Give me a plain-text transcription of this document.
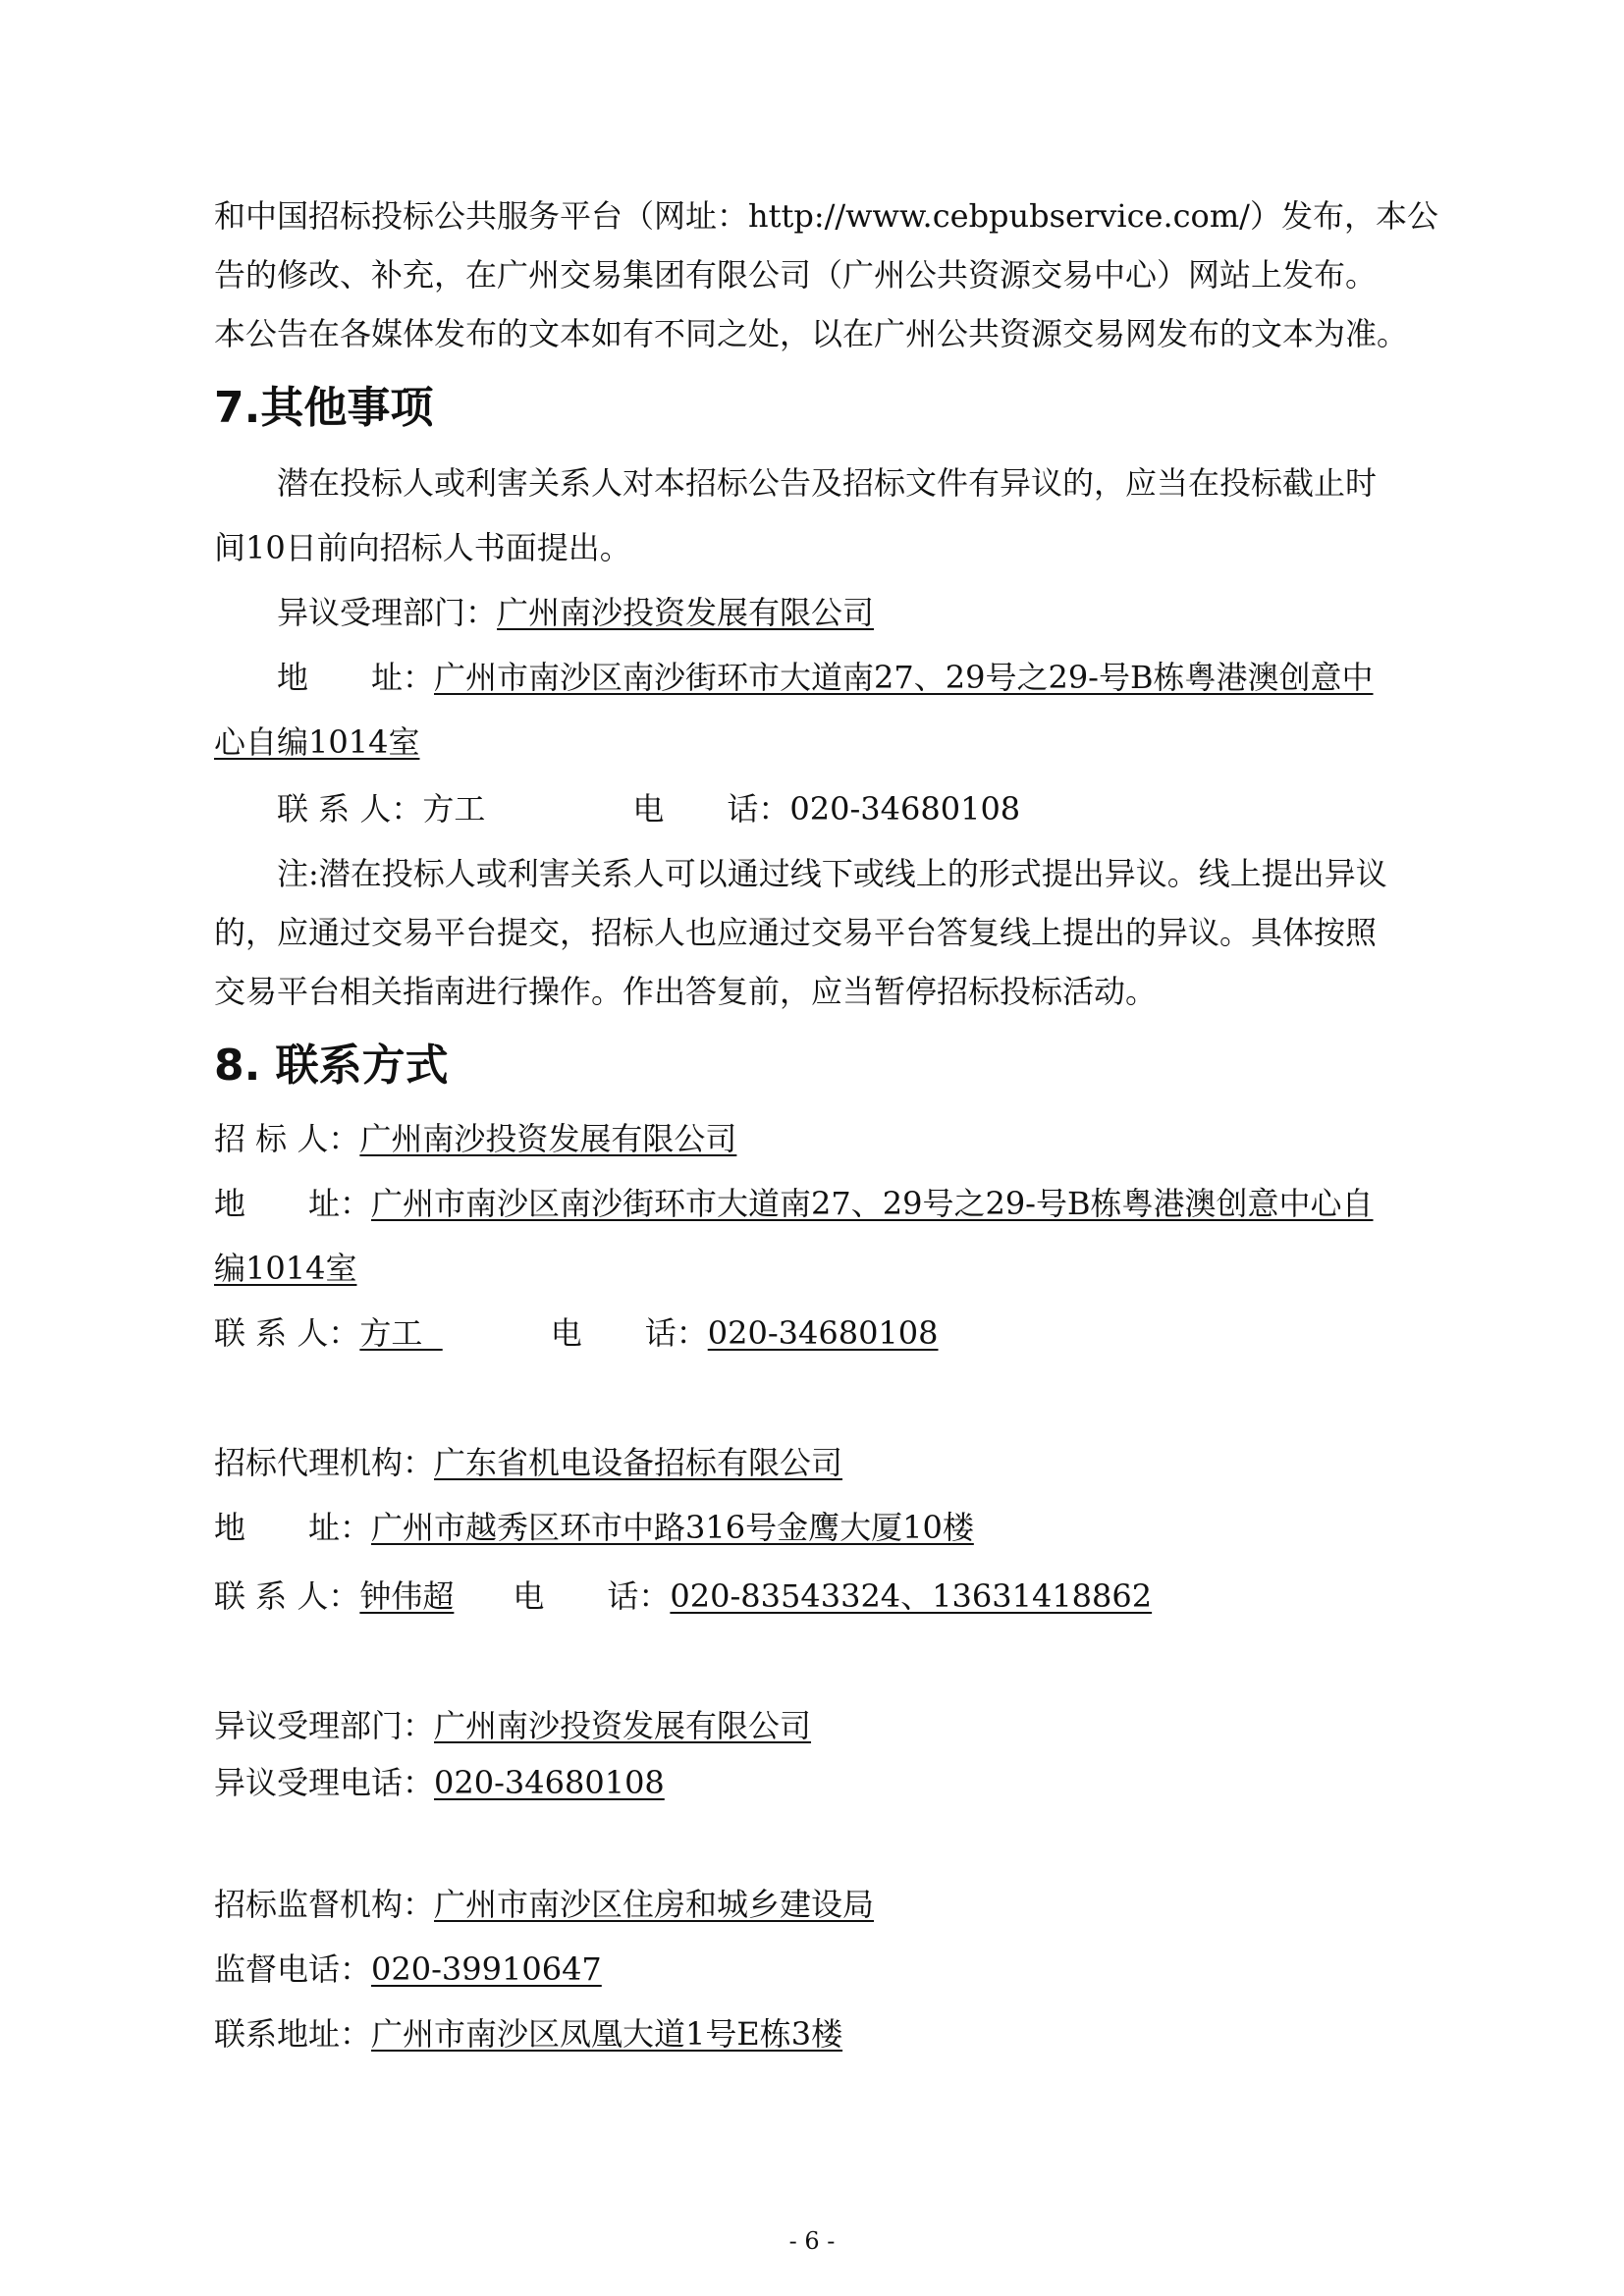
和中国招标投标公共服务平台（网址：http://www.cebpubservice.com/）发布，本公
告的修改、补充，在广州交易集团有限公司（广州公共资源交易中心）网站上发布。
本公告在各媒体发布的文本如有不同之处，以在广州公共资源交易网发布的文本为准。
7.其他事项
潜在投标人或利害关系人对本招标公告及招标文件有异议的，应当在投标截止时
间10日前向招标人书面提出。
异议受理部门：广州南沙投资发展有限公司
地　　址：广州市南沙区南沙街环市大道南27、29号之29-号B栋粤港澳创意中
心自编1014室
联 系 人：方工	电　　话：020-34680108
注:潜在投标人或利害关系人可以通过线下或线上的形式提出异议。线上提出异议
的，应通过交易平台提交，招标人也应通过交易平台答复线上提出的异议。具体按照
交易平台相关指南进行操作。作出答复前，应当暂停招标投标活动。
8. 联系方式
招 标 人：广州南沙投资发展有限公司
地　　址：广州市南沙区南沙街环市大道南27、29号之29-号B栋粤港澳创意中心自
编1014室
联 系 人：方工	电　　话：020-34680108
招标代理机构：广东省机电设备招标有限公司
地　　址：广州市越秀区环市中路316号金鹰大厦10楼
联 系 人：钟伟超 电　　话：020-83543324、13631418862
异议受理部门：广州南沙投资发展有限公司
异议受理电话：020-34680108
招标监督机构：广州市南沙区住房和城乡建设局
监督电话：020-39910647
联系地址：广州市南沙区凤凰大道1号E栋3楼
- 6 -
